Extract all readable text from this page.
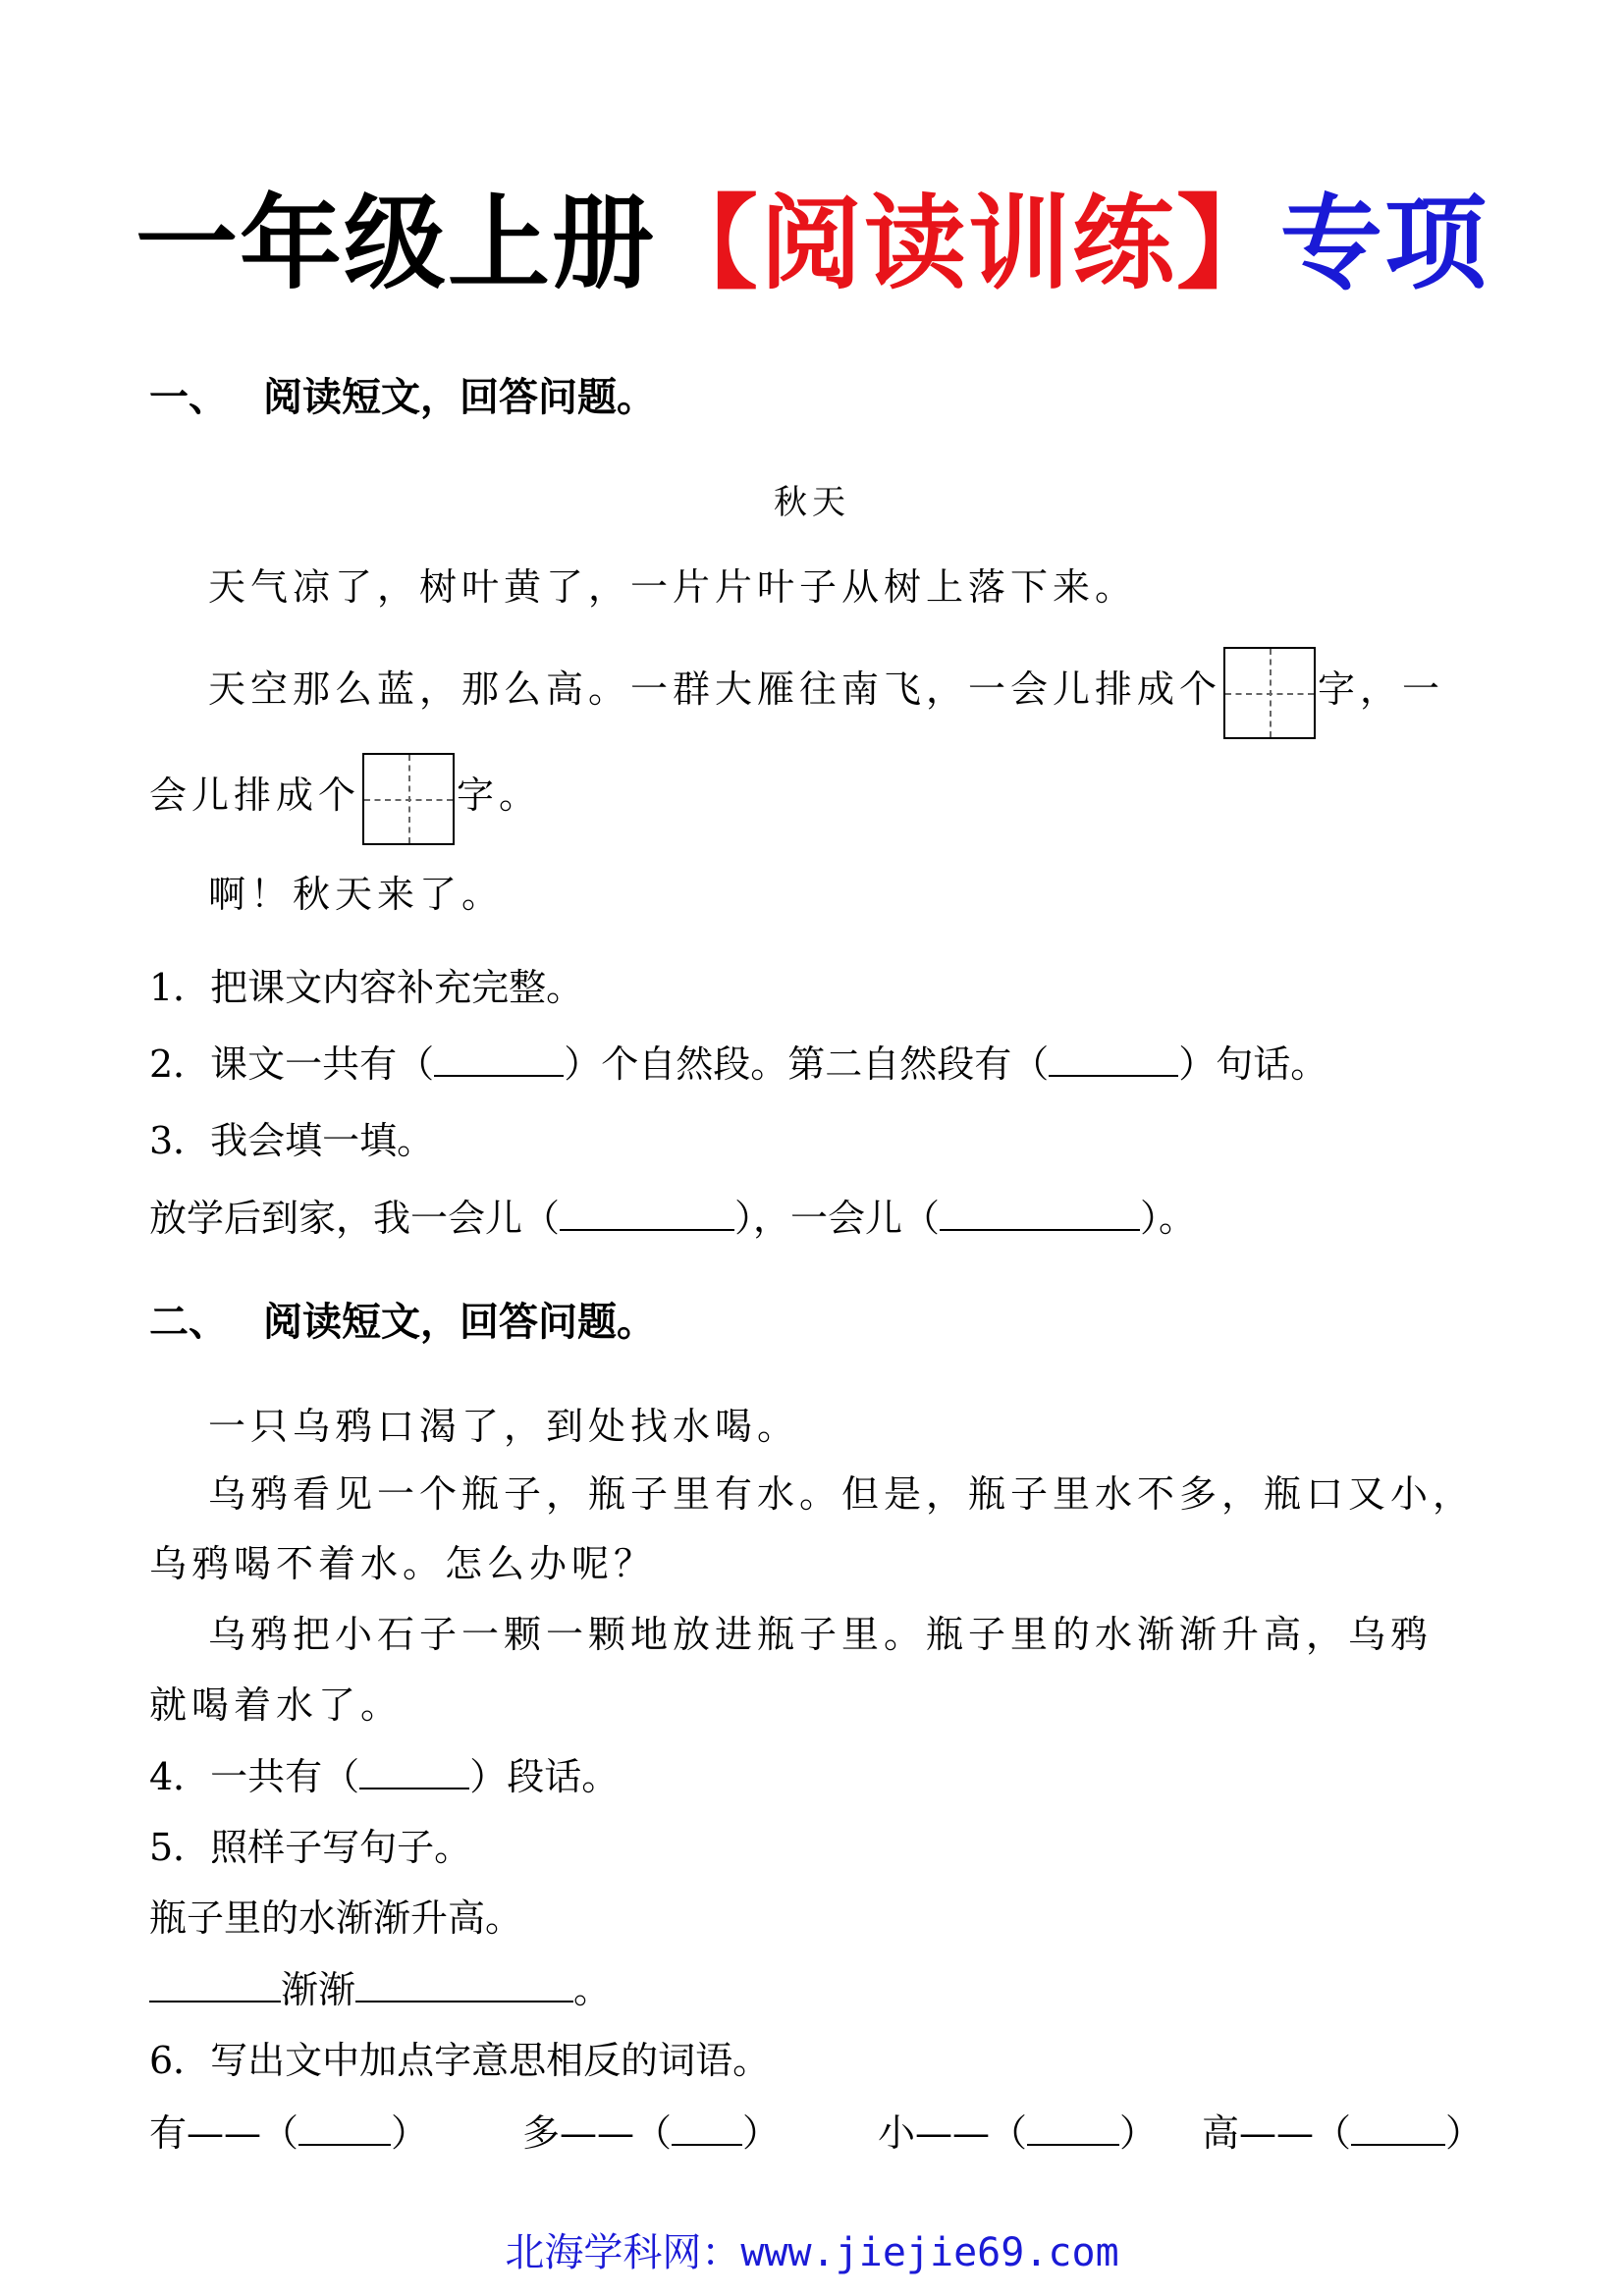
一年级上册【阅读训练】专项
一、 阅读短文，回答问题。
秋天
天气凉了，树叶黄了，一片片叶子从树上落下来。
天空那么蓝，那么高。一群大雁往南飞，一会儿排成个	字，一
会儿排成个	字。
啊！秋天来了。
1．把课文内容补充完整。
2．课文一共有（	）个自然段。第二自然段有（	）句话。
3．我会填一填。
放学后到家，我一会儿（	），一会儿（	）。
二、 阅读短文，回答问题。
一只乌鸦口渴了，到处找水喝。
乌鸦看见一个瓶子，瓶子里有水。但是，瓶子里水不多，瓶口又小，
乌鸦喝不着水。怎么办呢？
乌鸦把小石子一颗一颗地放进瓶子里。瓶子里的水渐渐升高，乌鸦
就喝着水了。
4．一共有（	）段话。
5．照样子写句子。
瓶子里的水渐渐升高。
渐渐	。
6．写出文中加点字意思相反的词语。
有——（ ）	多——（ ）	小——（ ） 高——（	）
北海学科网：www.jiejie69.com
